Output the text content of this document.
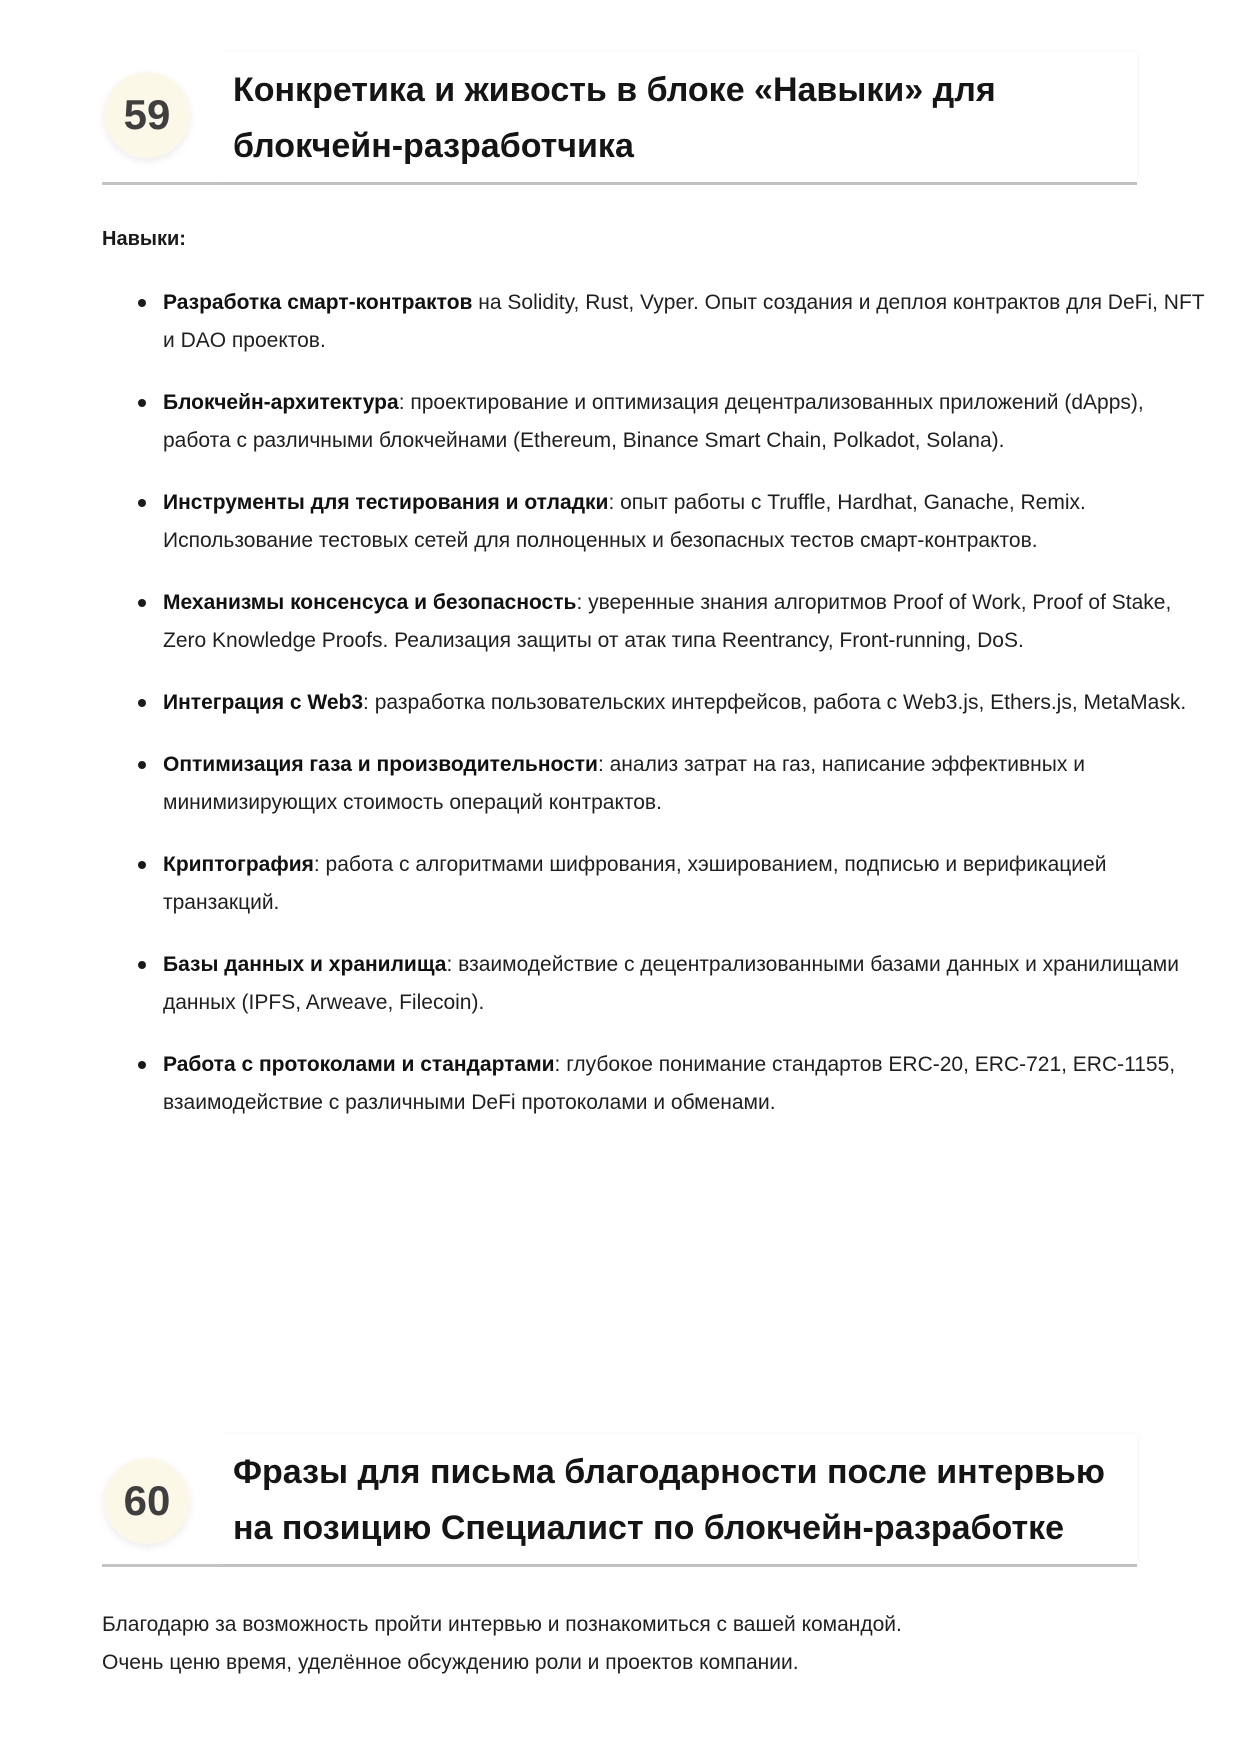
59
Конкретика и живость в блоке «Навыки» для блокчейн-разработчика
Навыки:
Разработка смарт-контрактов на Solidity, Rust, Vyper. Опыт создания и деплоя контрактов для DeFi, NFT и DAO проектов.
Блокчейн-архитектура: проектирование и оптимизация децентрализованных приложений (dApps), работа с различными блокчейнами (Ethereum, Binance Smart Chain, Polkadot, Solana).
Инструменты для тестирования и отладки: опыт работы с Truffle, Hardhat, Ganache, Remix. Использование тестовых сетей для полноценных и безопасных тестов смарт-контрактов.
Механизмы консенсуса и безопасность: уверенные знания алгоритмов Proof of Work, Proof of Stake, Zero Knowledge Proofs. Реализация защиты от атак типа Reentrancy, Front-running, DoS.
Интеграция с Web3: разработка пользовательских интерфейсов, работа с Web3.js, Ethers.js, MetaMask.
Оптимизация газа и производительности: анализ затрат на газ, написание эффективных и минимизирующих стоимость операций контрактов.
Криптография: работа с алгоритмами шифрования, хэшированием, подписью и верификацией транзакций.
Базы данных и хранилища: взаимодействие с децентрализованными базами данных и хранилищами данных (IPFS, Arweave, Filecoin).
Работа с протоколами и стандартами: глубокое понимание стандартов ERC-20, ERC-721, ERC-1155, взаимодействие с различными DeFi протоколами и обменами.
60
Фразы для письма благодарности после интервью на позицию Специалист по блокчейн-разработке
Благодарю за возможность пройти интервью и познакомиться с вашей командой.
Очень ценю время, уделённое обсуждению роли и проектов компании.
